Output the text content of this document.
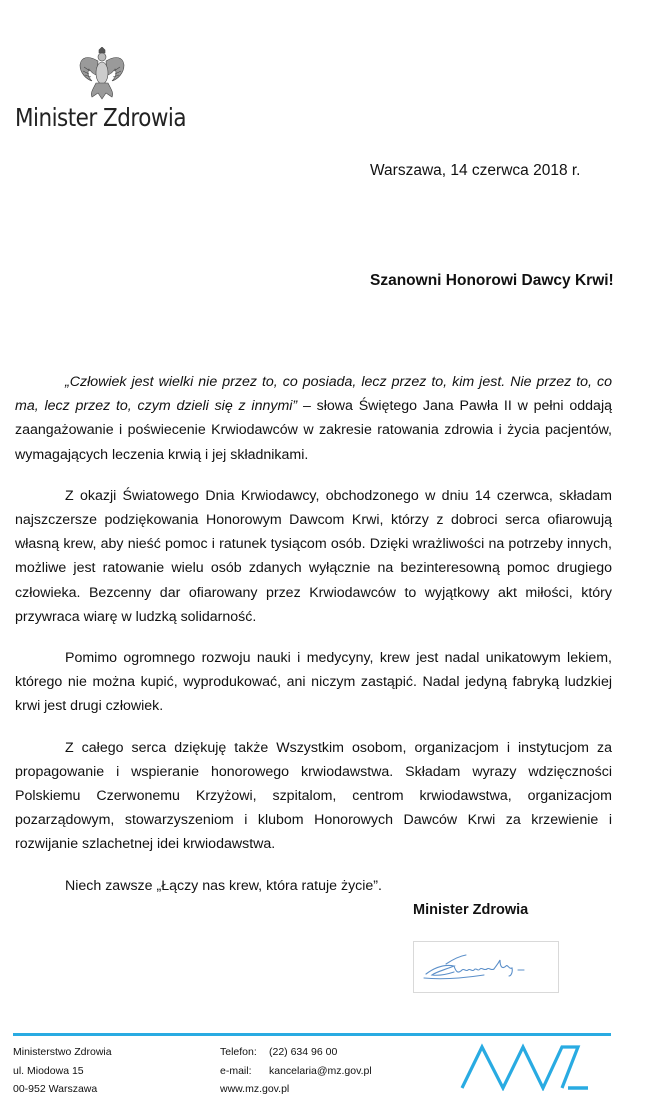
Minister Zdrowia
Warszawa, 14 czerwca 2018 r.
Szanowni Honorowi Dawcy Krwi!

„Człowiek jest wielki nie przez to, co posiada, lecz przez to, kim jest. Nie przez to, co ma, lecz przez to, czym dzieli się z innymi” – słowa Świętego Jana Pawła II w pełni oddają zaangażowanie i poświecenie Krwiodawców w zakresie ratowania zdrowia i życia pacjentów, wymagających leczenia krwią i jej składnikami.

Z okazji Światowego Dnia Krwiodawcy, obchodzonego w dniu 14 czerwca, składam najszczersze podziękowania Honorowym Dawcom Krwi, którzy z dobroci serca ofiarowują własną krew, aby nieść pomoc i ratunek tysiącom osób. Dzięki wrażliwości na potrzeby innych, możliwe jest ratowanie wielu osób zdanych wyłącznie na bezinteresowną pomoc drugiego człowieka. Bezcenny dar ofiarowany przez Krwiodawców to wyjątkowy akt miłości, który przywraca wiarę w ludzką solidarność.

Pomimo ogromnego rozwoju nauki i medycyny, krew jest nadal unikatowym lekiem, którego nie można kupić, wyprodukować, ani niczym zastąpić. Nadal jedyną fabryką ludzkiej krwi jest drugi człowiek.

Z całego serca dziękuję także Wszystkim osobom, organizacjom i instytucjom za propagowanie i wspieranie honorowego krwiodawstwa. Składam wyrazy wdzięczności Polskiemu Czerwonemu Krzyżowi, szpitalom, centrom krwiodawstwa, organizacjom pozarządowym, stowarzyszeniom i klubom Honorowych Dawców Krwi za krzewienie i rozwijanie szlachetnej idei krwiodawstwa.

Niech zawsze „Łączy nas krew, która ratuje życie”.

Minister Zdrowia
Ministerstwo Zdrowia
ul. Miodowa 15
00-952 Warszawa
Telefon: (22) 634 96 00
e-mail: kancelaria@mz.gov.pl
www.mz.gov.pl
